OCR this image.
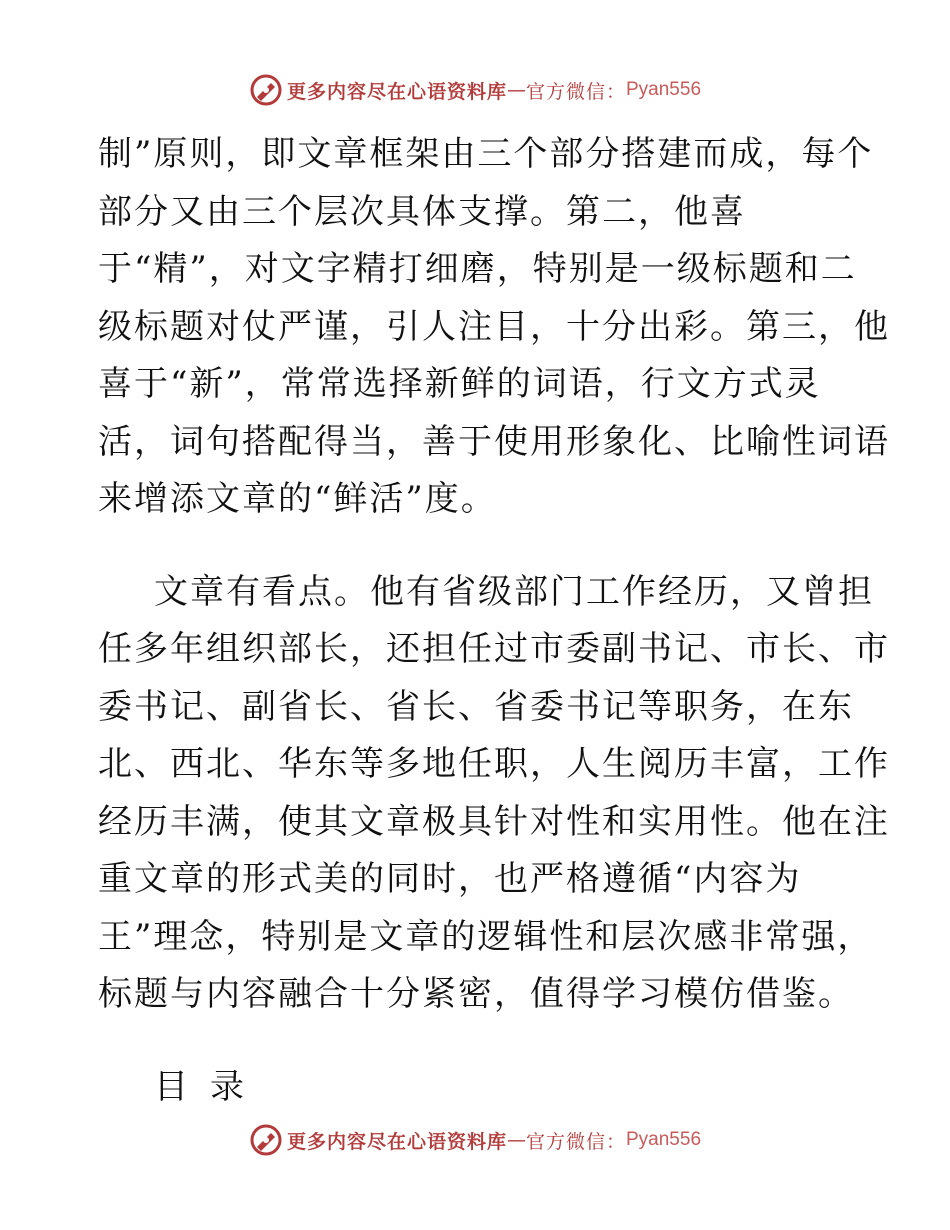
更多内容尽在心语资料库 — 官方微信： Pyan556
制”原则，即文章框架由三个部分搭建而成，每个
部分又由三个层次具体支撑。第二，他喜
于“精”，对文字精打细磨，特别是一级标题和二
级标题对仗严谨，引人注目，十分出彩。第三，他
喜于“新”，常常选择新鲜的词语，行文方式灵
活，词句搭配得当，善于使用形象化、比喻性词语
来增添文章的“鲜活”度。
文章有看点。他有省级部门工作经历，又曾担
任多年组织部长，还担任过市委副书记、市长、市
委书记、副省长、省长、省委书记等职务，在东
北、西北、华东等多地任职，人生阅历丰富，工作
经历丰满，使其文章极具针对性和实用性。他在注
重文章的形式美的同时，也严格遵循“内容为
王”理念，特别是文章的逻辑性和层次感非常强，
标题与内容融合十分紧密，值得学习模仿借鉴。
目录
更多内容尽在心语资料库 — 官方微信： Pyan556
